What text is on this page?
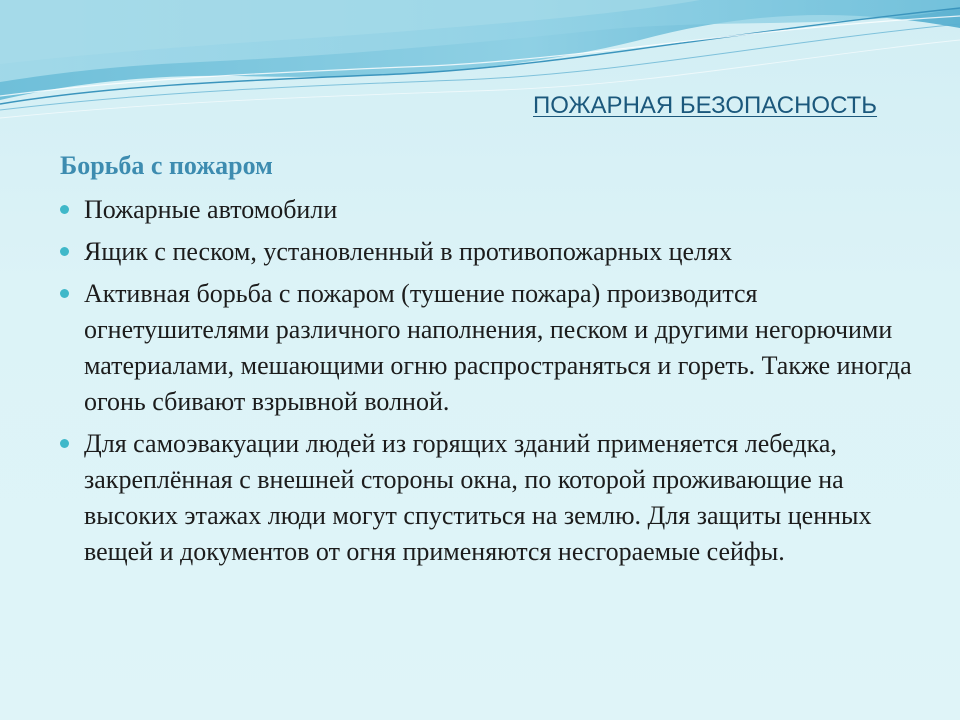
ПОЖАРНАЯ БЕЗОПАСНОСТЬ
Борьба с пожаром
Пожарные автомобили
Ящик с песком, установленный в противопожарных целях
Активная борьба с пожаром (тушение пожара) производится огнетушителями различного наполнения, песком и другими негорючими материалами, мешающими огню распространяться и гореть. Также иногда огонь сбивают взрывной волной.
Для самоэвакуации людей из горящих зданий применяется лебедка, закреплённая с внешней стороны окна, по которой проживающие на высоких этажах люди могут спуститься на землю. Для защиты ценных вещей и документов от огня применяются несгораемые сейфы.
